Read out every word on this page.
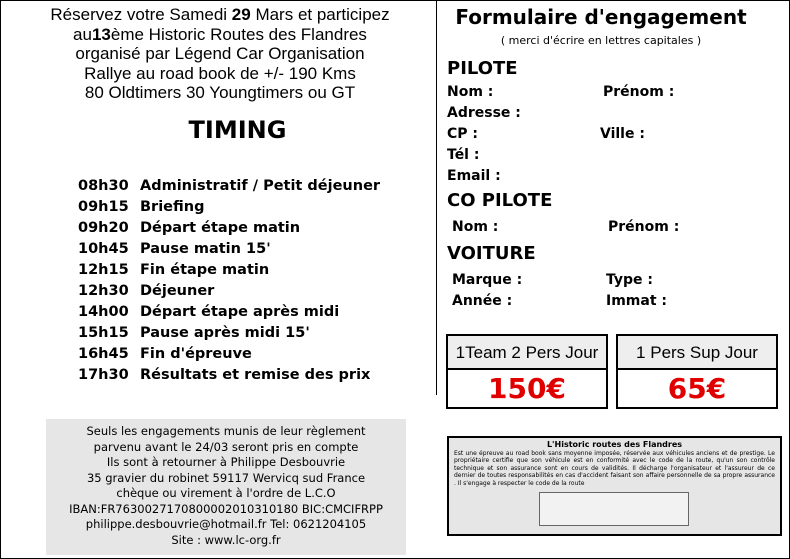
Réservez votre Samedi 29 Mars et participez
au13ème Historic Routes des Flandres
organisé par Légend Car Organisation
Rallye au road book de +/- 190 Kms
80 Oldtimers 30 Youngtimers ou GT
TIMING
08h30 Administratif / Petit déjeuner
09h15 Briefing
09h20 Départ étape matin
10h45 Pause matin 15'
12h15 Fin étape matin
12h30 Déjeuner
14h00 Départ étape après midi
15h15 Pause après midi 15'
16h45 Fin d'épreuve
17h30 Résultats et remise des prix
Seuls les engagements munis de leur règlement
parvenu avant le 24/03 seront pris en compte
Ils sont à retourner à Philippe Desbouvrie
35 gravier du robinet 59117 Wervicq sud France
chèque ou virement à l'ordre de L.C.O
IBAN:FR7630027170800002010310180 BIC:CMCIFRPP
philippe.desbouvrie@hotmail.fr Tel: 0621204105
Site : www.lc-org.fr
Formulaire d'engagement
( merci d'écrire en lettres capitales )
PILOTE
Nom :	Prénom :
Adresse :
CP :	Ville :
Tél :
Email :
CO PILOTE
Nom :	Prénom :
VOITURE
Marque :	Type :
Année :	Immat :
1Team 2 Pers Jour
150€
1 Pers Sup Jour
65€
L'Historic routes des Flandres
Est une épreuve au road book sans moyenne imposée, réservée aux véhicules anciens et de prestige. Le propriétaire certifie que son véhicule est en conformité avec le code de la route, qu'un son contrôle technique et son assurance sont en cours de validités. Il décharge l'organisateur et l'assureur de ce dernier de toutes responsabilités en cas d'accident faisant son affaire personnelle de sa propre assurance . Il s'engage à respecter le code de la route
